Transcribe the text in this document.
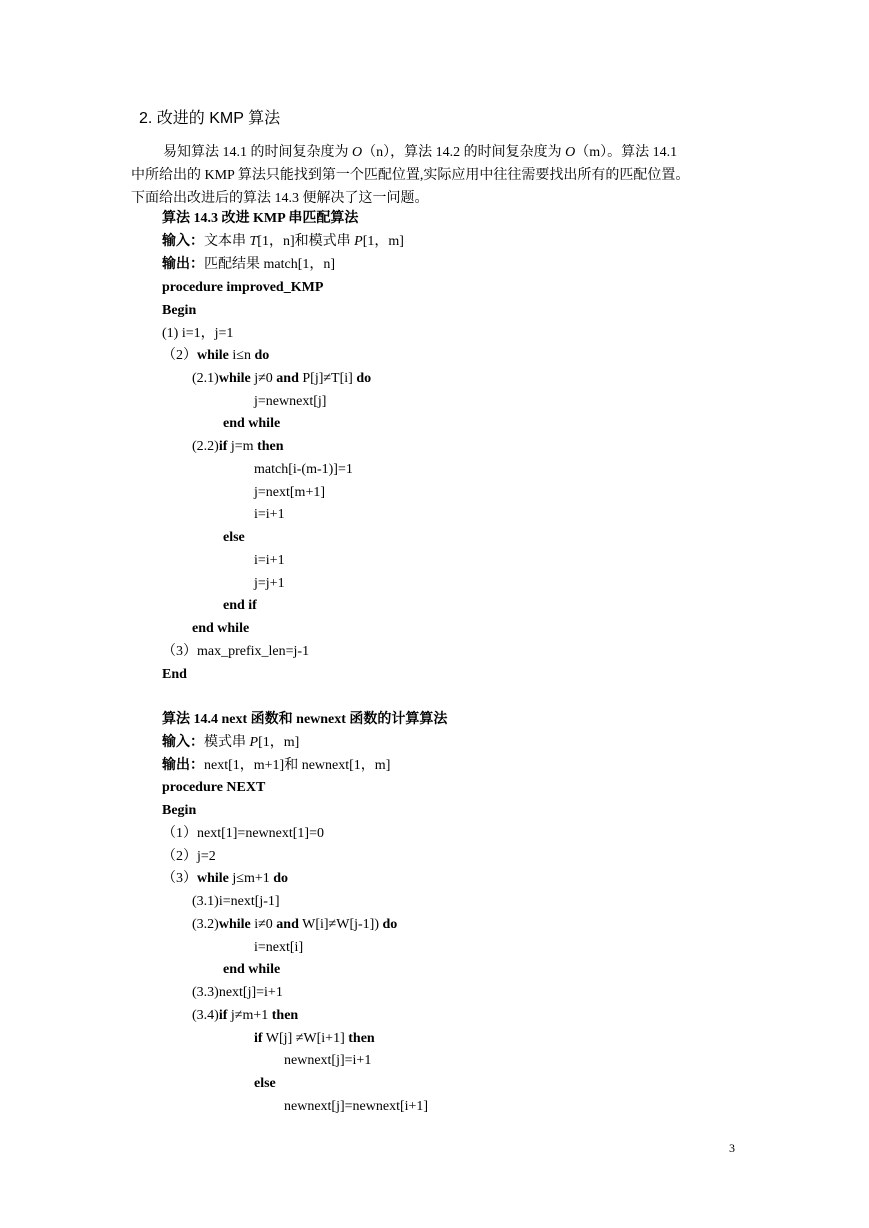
2. 改进的 KMP 算法
易知算法 14.1 的时间复杂度为 O（n），算法 14.2 的时间复杂度为 O（m）。算法 14.1
中所给出的 KMP 算法只能找到第一个匹配位置,实际应用中往往需要找出所有的匹配位置。
下面给出改进后的算法 14.3 便解决了这一问题。
算法 14.3 改进 KMP 串匹配算法
输入：文本串 T[1，n]和模式串 P[1，m]
输出：匹配结果 match[1，n]
procedure improved_KMP
Begin
(1) i=1，j=1
（2）while i≤n do
(2.1)while j≠0 and P[j]≠T[i] do
j=newnext[j]
end while
(2.2)if j=m then
match[i-(m-1)]=1
j=next[m+1]
i=i+1
else
i=i+1
j=j+1
end if
end while
（3）max_prefix_len=j-1
End
算法 14.4 next 函数和 newnext 函数的计算算法
输入：模式串 P[1，m]
输出：next[1，m+1]和 newnext[1，m]
procedure NEXT
Begin
（1）next[1]=newnext[1]=0
（2）j=2
（3）while j≤m+1 do
(3.1)i=next[j-1]
(3.2)while i≠0 and W[i]≠W[j-1]) do
i=next[i]
end while
(3.3)next[j]=i+1
(3.4)if j≠m+1 then
if W[j] ≠W[i+1] then
newnext[j]=i+1
else
newnext[j]=newnext[i+1]
3
